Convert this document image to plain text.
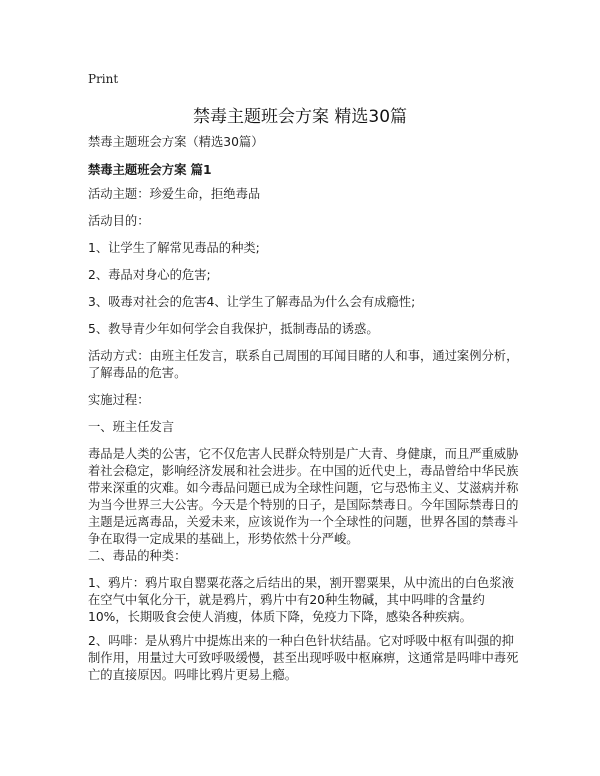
Print
禁毒主题班会方案 精选30篇

禁毒主题班会方案（精选30篇）

禁毒主题班会方案 篇1

活动主题：珍爱生命，拒绝毒品

活动目的：

1、让学生了解常见毒品的种类;

2、毒品对身心的危害;

3、吸毒对社会的危害4、让学生了解毒品为什么会有成瘾性;

5、教导青少年如何学会自我保护，抵制毒品的诱惑。

活动方式：由班主任发言，联系自己周围的耳闻目睹的人和事，通过案例分析，了解毒品的危害。

实施过程：

一、班主任发言

毒品是人类的公害，它不仅危害人民群众特别是广大青、身健康，而且严重威胁着社会稳定，影响经济发展和社会进步。在中国的近代史上，毒品曾给中华民族带来深重的灾难。如今毒品问题已成为全球性问题，它与恐怖主义、艾滋病并称为当今世界三大公害。今天是个特别的日子，是国际禁毒日。今年国际禁毒日的主题是远离毒品，关爱未来，应该说作为一个全球性的问题，世界各国的禁毒斗争在取得一定成果的基础上，形势依然十分严峻。

二、毒品的种类：

1、鸦片：鸦片取自罂粟花落之后结出的果，割开罂粟果，从中流出的白色浆液在空气中氧化分干，就是鸦片，鸦片中有20种生物碱，其中吗啡的含量约10%，长期吸食会使人消瘦，体质下降，免疫力下降，感染各种疾病。

2、吗啡：是从鸦片中提炼出来的一种白色针状结晶。它对呼吸中枢有叫强的抑制作用，用量过大可致呼吸缓慢，甚至出现呼吸中枢麻痹，这通常是吗啡中毒死亡的直接原因。吗啡比鸦片更易上瘾。
